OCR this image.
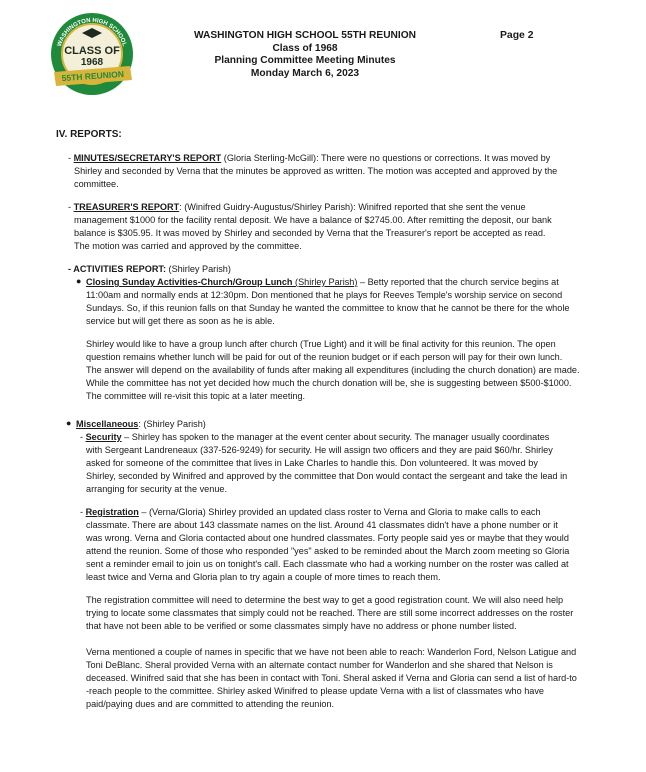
WASHINGTON HIGH SCHOOL
CLASS OF
1968
55TH REUNION
WASHINGTON HIGH SCHOOL 55TH REUNION
Class of 1968
Planning Committee Meeting Minutes
Monday March 6, 2023
Page 2
IV. REPORTS:
- MINUTES/SECRETARY'S REPORT (Gloria Sterling-McGill): There were no questions or corrections. It was moved by
Shirley and seconded by Verna that the minutes be approved as written. The motion was accepted and approved by the
committee.
- TREASURER'S REPORT: (Winifred Guidry-Augustus/Shirley Parish): Winifred reported that she sent the venue
management $1000 for the facility rental deposit. We have a balance of $2745.00. After remitting the deposit, our bank
balance is $305.95. It was moved by Shirley and seconded by Verna that the Treasurer's report be accepted as read.
The motion was carried and approved by the committee.
- ACTIVITIES REPORT: (Shirley Parish)
● Closing Sunday Activities-Church/Group Lunch (Shirley Parish) – Betty reported that the church service begins at
11:00am and normally ends at 12:30pm. Don mentioned that he plays for Reeves Temple's worship service on second
Sundays. So, if this reunion falls on that Sunday he wanted the committee to know that he cannot be there for the whole
service but will get there as soon as he is able.
Shirley would like to have a group lunch after church (True Light) and it will be final activity for this reunion. The open
question remains whether lunch will be paid for out of the reunion budget or if each person will pay for their own lunch.
The answer will depend on the availability of funds after making all expenditures (including the church donation) are made.
While the committee has not yet decided how much the church donation will be, she is suggesting between $500-$1000.
The committee will re-visit this topic at a later meeting.
● Miscellaneous: (Shirley Parish)
- Security – Shirley has spoken to the manager at the event center about security. The manager usually coordinates
with Sergeant Landreneaux (337-526-9249) for security. He will assign two officers and they are paid $60/hr. Shirley
asked for someone of the committee that lives in Lake Charles to handle this. Don volunteered. It was moved by
Shirley, seconded by Winifred and approved by the committee that Don would contact the sergeant and take the lead in
arranging for security at the venue.
- Registration – (Verna/Gloria) Shirley provided an updated class roster to Verna and Gloria to make calls to each
classmate. There are about 143 classmate names on the list. Around 41 classmates didn't have a phone number or it
was wrong. Verna and Gloria contacted about one hundred classmates. Forty people said yes or maybe that they would
attend the reunion. Some of those who responded "yes" asked to be reminded about the March zoom meeting so Gloria
sent a reminder email to join us on tonight's call. Each classmate who had a working number on the roster was called at
least twice and Verna and Gloria plan to try again a couple of more times to reach them.
The registration committee will need to determine the best way to get a good registration count. We will also need help
trying to locate some classmates that simply could not be reached. There are still some incorrect addresses on the roster
that have not been able to be verified or some classmates simply have no address or phone number listed.
Verna mentioned a couple of names in specific that we have not been able to reach: Wanderlon Ford, Nelson Latigue and
Toni DeBlanc. Sheral provided Verna with an alternate contact number for Wanderlon and she shared that Nelson is
deceased. Winifred said that she has been in contact with Toni. Sheral asked if Verna and Gloria can send a list of hard-to
-reach people to the committee. Shirley asked Winifred to please update Verna with a list of classmates who have
paid/paying dues and are committed to attending the reunion.
